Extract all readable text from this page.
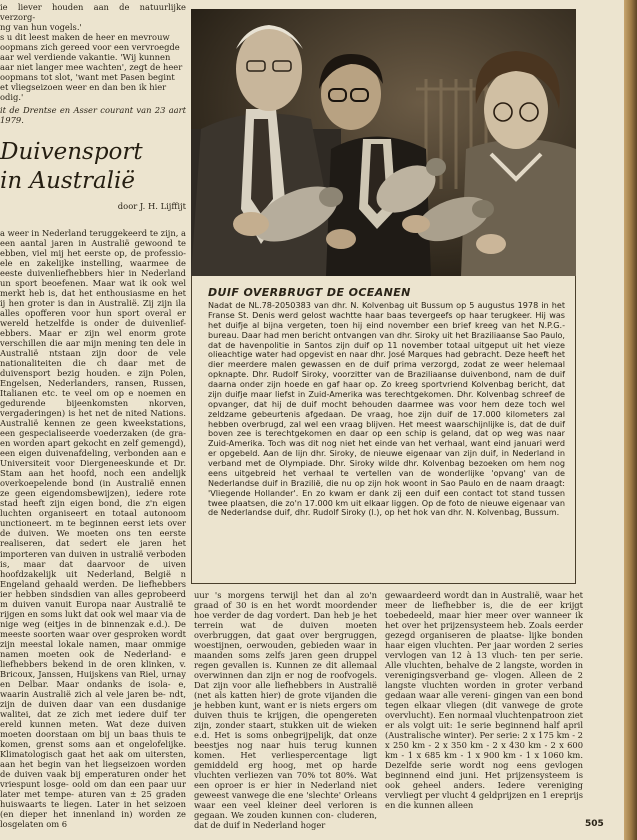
ie liever houden aan de natuurlijke verzorg-

ng van hun vogels.'

s u dit leest maken de heer en mevrouw

oopmans zich gereed voor een vervroegde

aar wel verdiende vakantie. 'Wij kunnen

aar niet langer mee wachten', zegt de heer

oopmans tot slot, 'want met Pasen begint

et vliegseizoen weer en dan ben ik hier

odig.'

it de Drentse en Asser courant van 23 aart 1979.

Duivensport
in Australië
door J. H. Lijffijt
a weer in Nederland teruggekeerd te zijn, a een aantal jaren in Australië gewoond te ebben, viel mij het eerste op, de professio- ele en zakelijke instelling, waarmee de eeste duivenliefhebbers hier in Nederland un sport beoefenen. Maar wat ik ook wel merkt heb is, dat het enthousiasme en het ij hen groter is dan in Australië. Zij zijn ila alles opofferen voor hun sport overal er wereld hetzelfde is onder de duivenlief- ebbers. Maar er zijn wel enorm grote verschillen die aar mijn mening ten dele in Australië ntstaan zijn door de vele nationaliteiten die ch daar met de duivensport bezig houden. e zijn Polen, Engelsen, Nederlanders, ransen, Russen, Italianen etc. te veel om op e noemen en gedurende bijeenkomsten nkorven, vergaderingen) is het net de nited Nations. Australië kennen ze geen kweekstations, een gespecialiseerde voederzaken (de gra- en worden apart gekocht en zelf gemengd), een eigen duivenafdeling, verbonden aan e Universiteit voor Diergeneeskunde et Dr. Stam aan het hoofd, noch een andelijk overkoepelende bond (in Australië ennen ze geen eigendomsbewijzen), iedere rote stad heeft zijn eigen bond, die z'n eigen luchten organiseert en totaal autonoom unctioneert. m te beginnen eerst iets over de duiven. We moeten ons ten eerste realiseren, dat sedert ele jaren het importeren van duiven in ustralië verboden is, maar dat daarvoor de uiven hoofdzakelijk uit Nederland, België n Engeland gehaald werden. De liefhebbers ier hebben sindsdien van alles geprobeerd m duiven vanuit Europa naar Australië te rijgen en soms lukt dat ook wel maar via de nige weg (eitjes in de binnenzak e.d.). De meeste soorten waar over gesproken wordt zijn meestal lokale namen, maar ommige namen moeten ook de Nederland- e liefhebbers bekend in de oren klinken, v. Bricoux, Janssen, Huijskens van Riel, urnay en Delbar. Maar ondanks de isola- e, waarin Australië zich al vele jaren be- ndt, zijn de duiven daar van een dusdanige walitei, dat ze zich met iedere duif ter ereld kunnen meten. Wat deze duiven moeten doorstaan om bij un baas thuis te komen, grenst soms aan et ongelofelijke. Klimatologisch gaat het aak om uitersten, aan het begin van het liegseizoen worden de duiven vaak bij emperaturen onder het vriespunt losge- oold om dan een paar uur later met tempe- aturen van ± 25 graden huiswaarts te liegen. Later in het seizoen (en dieper het innenland in) worden ze losgelaten om 6
DUIF OVERBRUGT DE OCEANEN
Nadat de NL.78-2050383 van dhr. N. Kolvenbag uit Bussum op 5 augustus 1978 in het Franse St. Denis werd gelost wachtte haar baas tevergeefs op haar terugkeer. Hij was het duifje al bijna vergeten, toen hij eind november een brief kreeg van het N.P.G.-bureau. Daar had men bericht ontvangen van dhr. Siroky uit het Braziliaanse Sao Paulo, dat de havenpolitie in Santos zijn duif op 11 november totaal uitgeput uit het vieze olieachtige water had opgevist en naar dhr. José Marques had gebracht. Deze heeft het dier meerdere malen gewassen en de duif prima verzorgd, zodat ze weer helemaal opknapte. Dhr. Rudolf Siroky, voorzitter van de Braziliaanse duivenbond, nam de duif daarna onder zijn hoede en gaf haar op. Zo kreeg sportvriend Kolvenbag bericht, dat zijn duifje maar liefst in Zuid-Amerika was terechtgekomen. Dhr. Kolvenbag schreef de opvanger, dat hij de duif mocht behouden daarmee was voor hem deze toch wel zeldzame gebeurtenis afgedaan. De vraag, hoe zijn duif de 17.000 kilometers zal hebben overbrugd, zal wel een vraag blijven. Het meest waarschijnlijke is, dat de duif boven zee is terechtgekomen en daar op een schip is geland, dat op weg was naar Zuid-Amerika. Toch was dit nog niet het einde van het verhaal, want eind januari werd er opgebeld. Aan de lijn dhr. Siroky, de nieuwe eigenaar van zijn duif, in Nederland in verband met de Olympiade. Dhr. Siroky wilde dhr. Kolvenbag bezoeken om hem nog eens uitgebreid het verhaal te vertellen van de wonderlijke 'opvang' van de Nederlandse duif in Brazilië, die nu op zijn hok woont in Sao Paulo en de naam draagt: 'Vliegende Hollander'. En zo kwam er dank zij een duif een contact tot stand tussen twee plaatsen, die zo'n 17.000 km uit elkaar liggen. Op de foto de nieuwe eigenaar van de Nederlandse duif, dhr. Rudolf Siroky (l.), op het hok van dhr. N. Kolvenbag, Bussum.
uur 's morgens terwijl het dan al zo'n graad of 30 is en het wordt moordender hoe verder de dag vordert. Dan heb je het terrein wat de duiven moeten overbruggen, dat gaat over bergruggen, woestijnen, oerwouden, gebieden waar in maanden soms zelfs jaren geen druppel regen gevallen is. Kunnen ze dit allemaal overwinnen dan zijn er nog de roofvogels. Dat zijn voor alle liefhebbers in Australië (net als katten hier) de grote vijanden die je hebben kunt, want er is niets ergers om duiven thuis te krijgen, die opengereten zijn, zonder staart, stukken uit de wieken e.d. Het is soms onbegrijpelijk, dat onze beestjes nog naar huis terug kunnen komen. Het verliespercentage ligt gemiddeld erg hoog, met op harde vluchten verliezen van 70% tot 80%. Wat een oproer is er hier in Nederland niet geweest vanwege die ene 'slechte' Orleans waar een veel kleiner deel verloren is gegaan. We zouden kunnen con- cluderen, dat de duif in Nederland hoger
gewaardeerd wordt dan in Australië, waar het meer de liefhebber is, die de eer krijgt toebedeeld, maar hier meer over wanneer ik het over het prijzensysteem heb. Zoals eerder gezegd organiseren de plaatse- lijke bonden haar eigen vluchten. Per jaar worden 2 series vervlogen van 12 à 13 vluch- ten per serie. Alle vluchten, behalve de 2 langste, worden in verenigingsverband ge- vlogen. Alleen de 2 langste vluchten worden in groter verband gedaan waar alle vereni- gingen van een bond tegen elkaar vliegen (dit vanwege de grote overvlucht). Een normaal vluchtenpatroon ziet er als volgt uit: 1e serie beginnend half april (Australische winter). Per serie: 2 x 175 km - 2 x 250 km - 2 x 350 km - 2 x 430 km - 2 x 600 km - 1 x 685 km - 1 x 900 km - 1 x 1060 km. Dezelfde serie wordt nog eens gevlogen beginnend eind juni. Het prijzensysteem is ook geheel anders. Iedere vereniging vervliegt per vlucht 4 geldprijzen en 1 ereprijs en die kunnen alleen
505
